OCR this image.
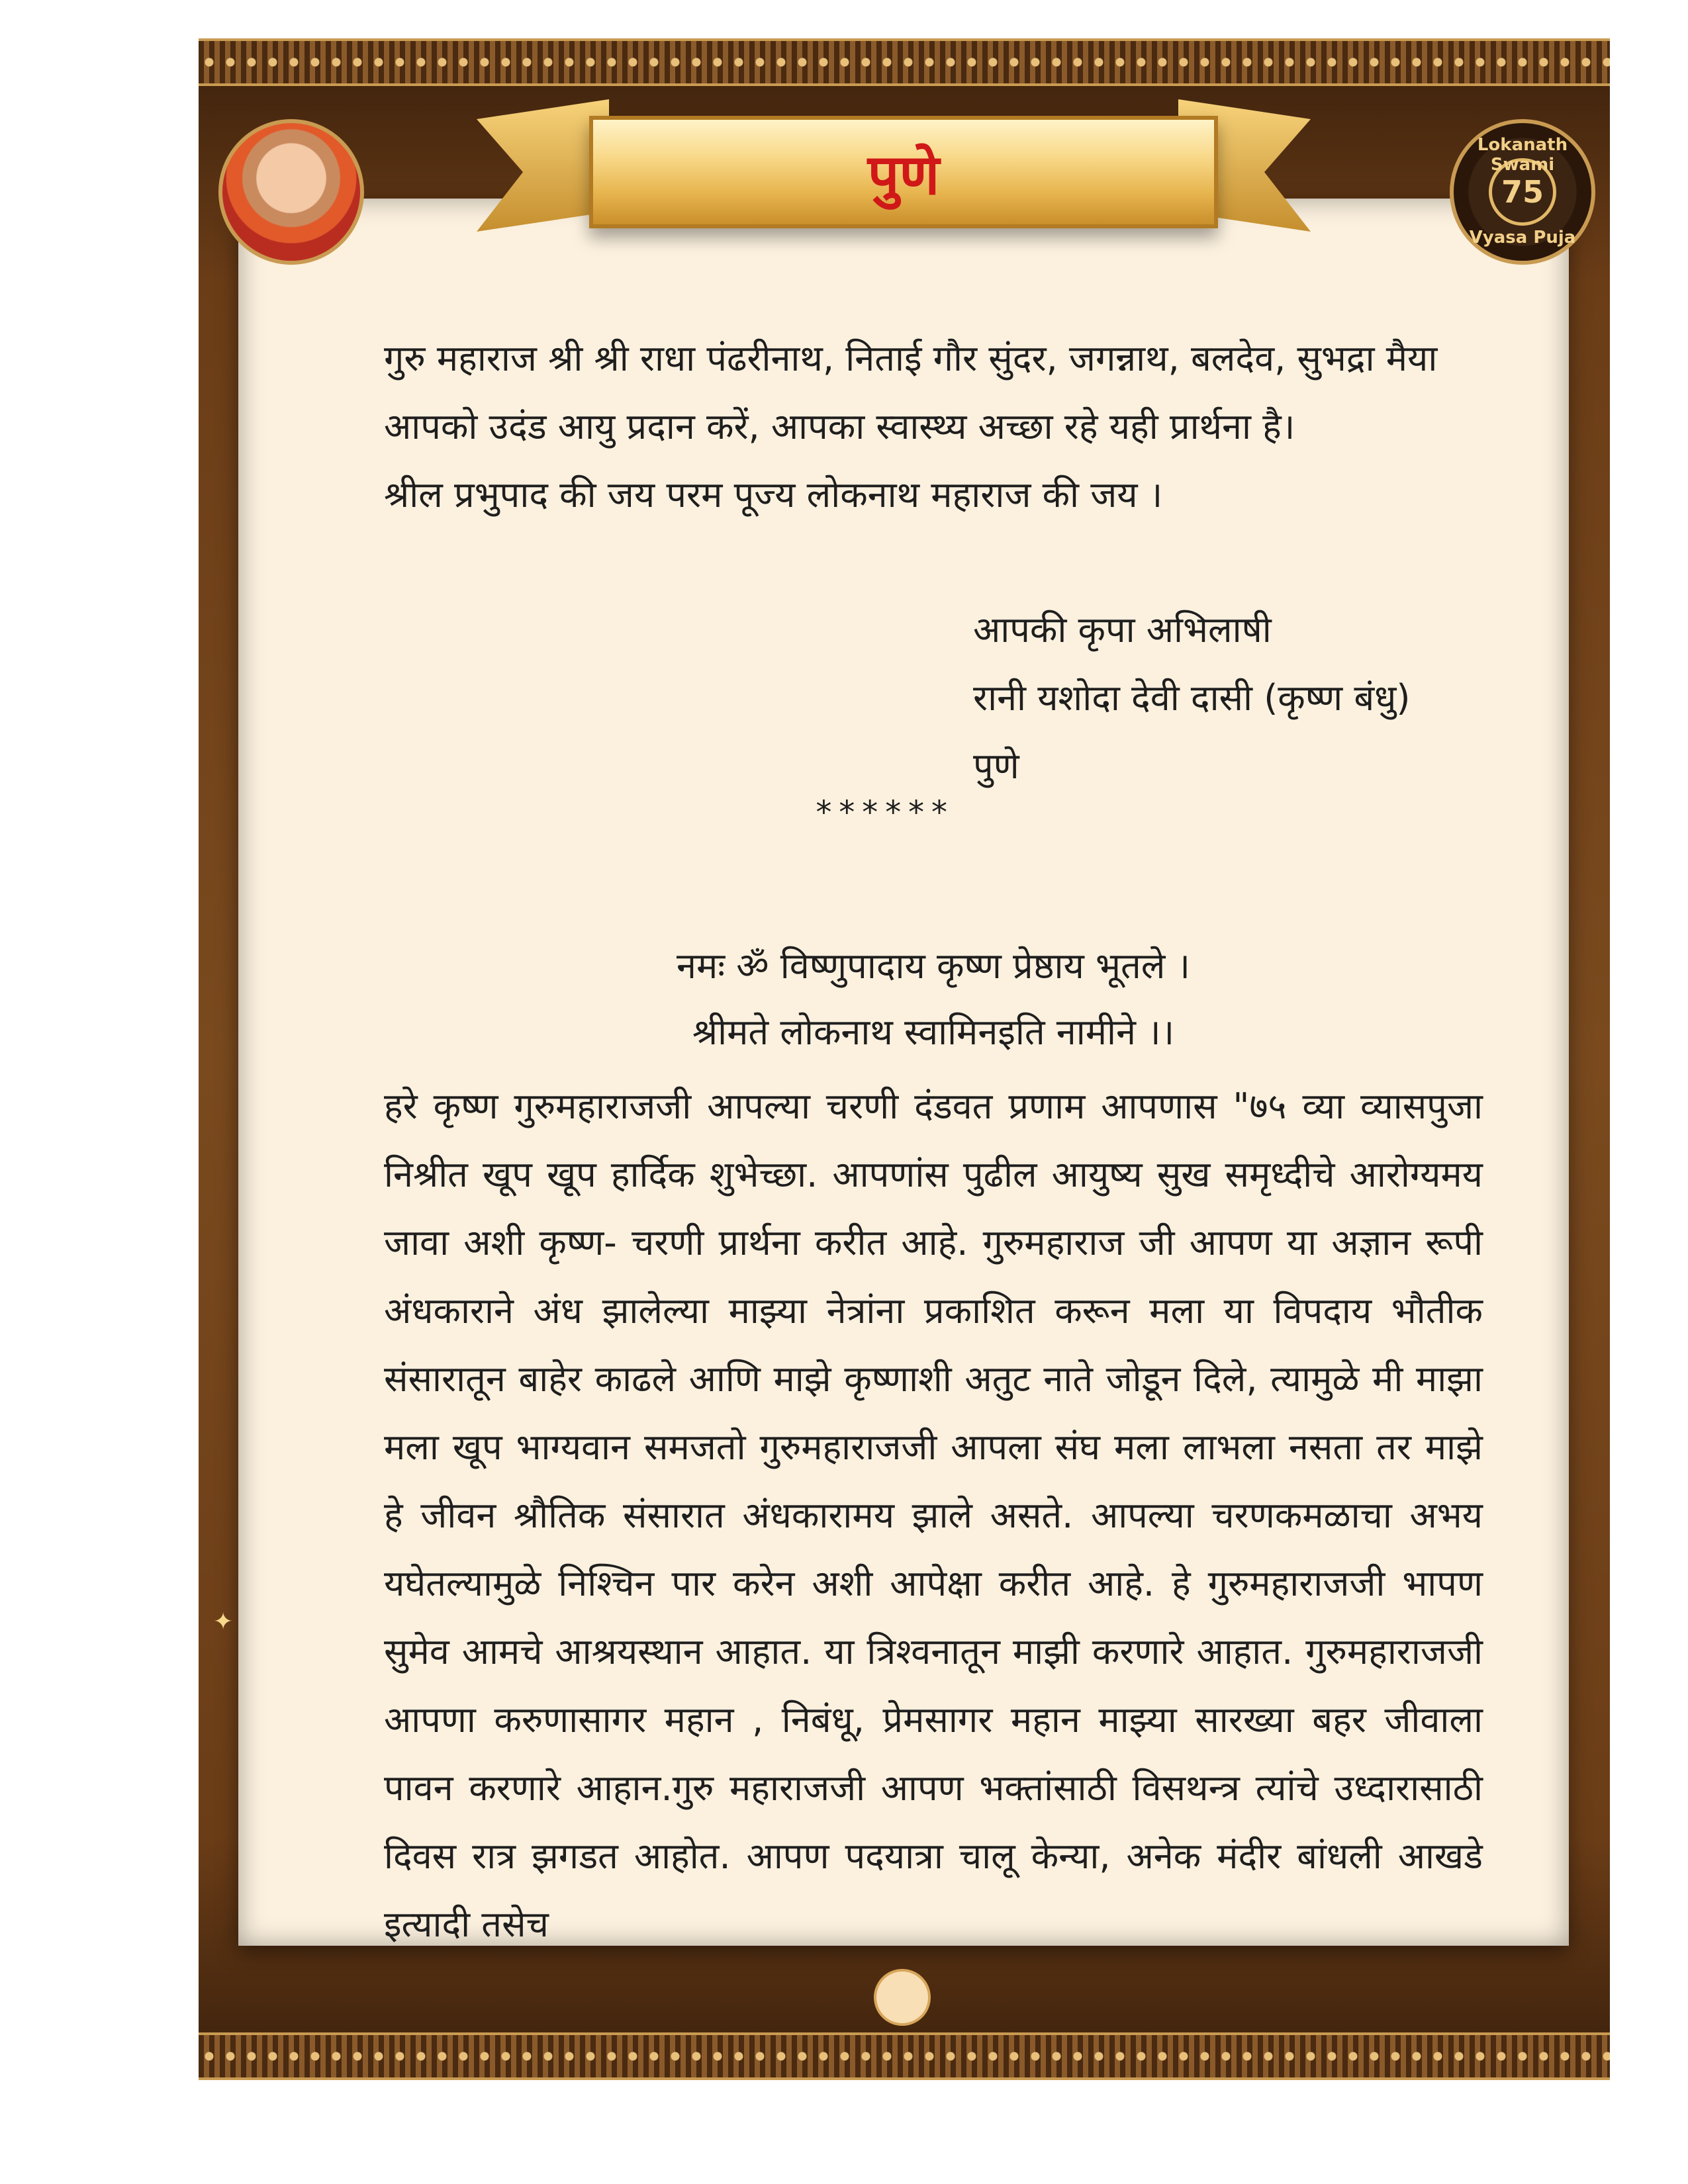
पुणे	Lokanath Swami
75
Vyasa Puja
गुरु महाराज श्री श्री राधा पंढरीनाथ, निताई गौर सुंदर, जगन्नाथ, बलदेव, सुभद्रा मैया
आपको उदंड आयु प्रदान करें, आपका स्वास्थ्य अच्छा रहे यही प्रार्थना है।
श्रील प्रभुपाद की जय परम पूज्य लोकनाथ महाराज की जय ।
आपकी कृपा अभिलाषी
रानी यशोदा देवी दासी (कृष्ण बंधु)
पुणे
******
नमः ॐ विष्णुपादाय कृष्ण प्रेष्ठाय भूतले ।
श्रीमते लोकनाथ स्वामिनइति नामीने ।।
हरे कृष्ण गुरुमहाराजजी आपल्या चरणी दंडवत प्रणाम आपणास "७५ व्या व्यासपुजा निश्रीत खूप खूप हार्दिक शुभेच्छा. आपणांस पुढील आयुष्य सुख समृध्दीचे आरोग्यमय जावा अशी कृष्ण- चरणी प्रार्थना करीत आहे. गुरुमहाराज जी आपण या अज्ञान रूपी अंधकाराने अंध झालेल्या माझ्या नेत्रांना प्रकाशित करून मला या विपदाय भौतीक संसारातून बाहेर काढले आणि माझे कृष्णाशी अतुट नाते जोडून दिले, त्यामुळे मी माझा मला खूप भाग्यवान समजतो गुरुमहाराजजी आपला संघ मला लाभला नसता तर माझे हे जीवन श्रौतिक संसारात अंधकारामय झाले असते. आपल्या चरणकमळाचा अभय यघेतल्यामुळे निश्चिन पार करेन अशी आपेक्षा करीत आहे. हे गुरुमहाराजजी भापण सुमेव आमचे आश्रयस्थान आहात. या त्रिश्वनातून माझी करणारे आहात. गुरुमहाराजजी आपणा करुणासागर महान , निबंधू, प्रेमसागर महान माझ्या सारख्या बहर जीवाला पावन करणारे आहान.गुरु महाराजजी आपण भक्तांसाठी विसथन्त्र त्यांचे उध्दारासाठी दिवस रात्र झगडत आहोत. आपण पदयात्रा चालू केन्या, अनेक मंदीर बांधली आखडे इत्यादी तसेच
✦
